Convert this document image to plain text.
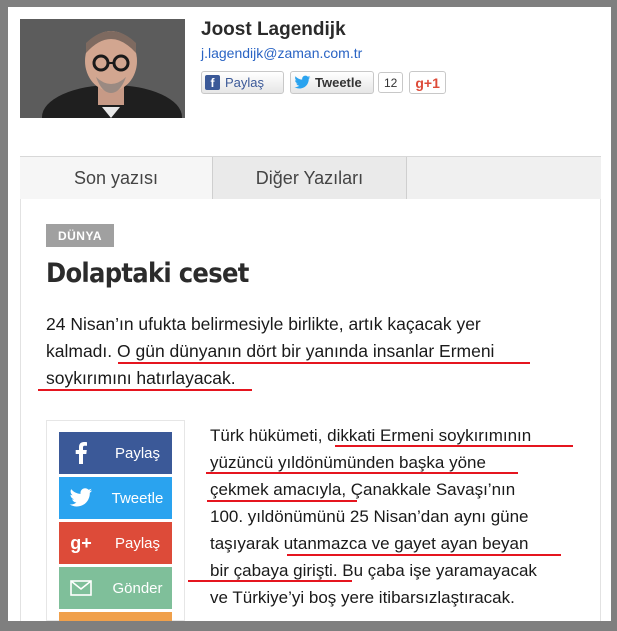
Joost Lagendijk
j.lagendijk@zaman.com.tr
f Paylaş	Tweetle	12	g +1
Son yazısı	Diğer Yazıları
DÜNYA
Dolaptaki ceset
24 Nisan’ın ufukta belirmesiyle birlikte, artık kaçacak yer
kalmadı. O gün dünyanın dört bir yanında insanlar Ermeni
soykırımını hatırlayacak.
Paylaş
Tweetle
g+	Paylaş
Gönder
Türk hükümeti, dikkati Ermeni soykırımının
yüzüncü yıldönümünden başka yöne
çekmek amacıyla, Çanakkale Savaşı’nın
100. yıldönümünü 25 Nisan’dan aynı güne
taşıyarak utanmazca ve gayet ayan beyan
bir çabaya girişti. Bu çaba işe yaramayacak
ve Türkiye’yi boş yere itibarsızlaştıracak.
